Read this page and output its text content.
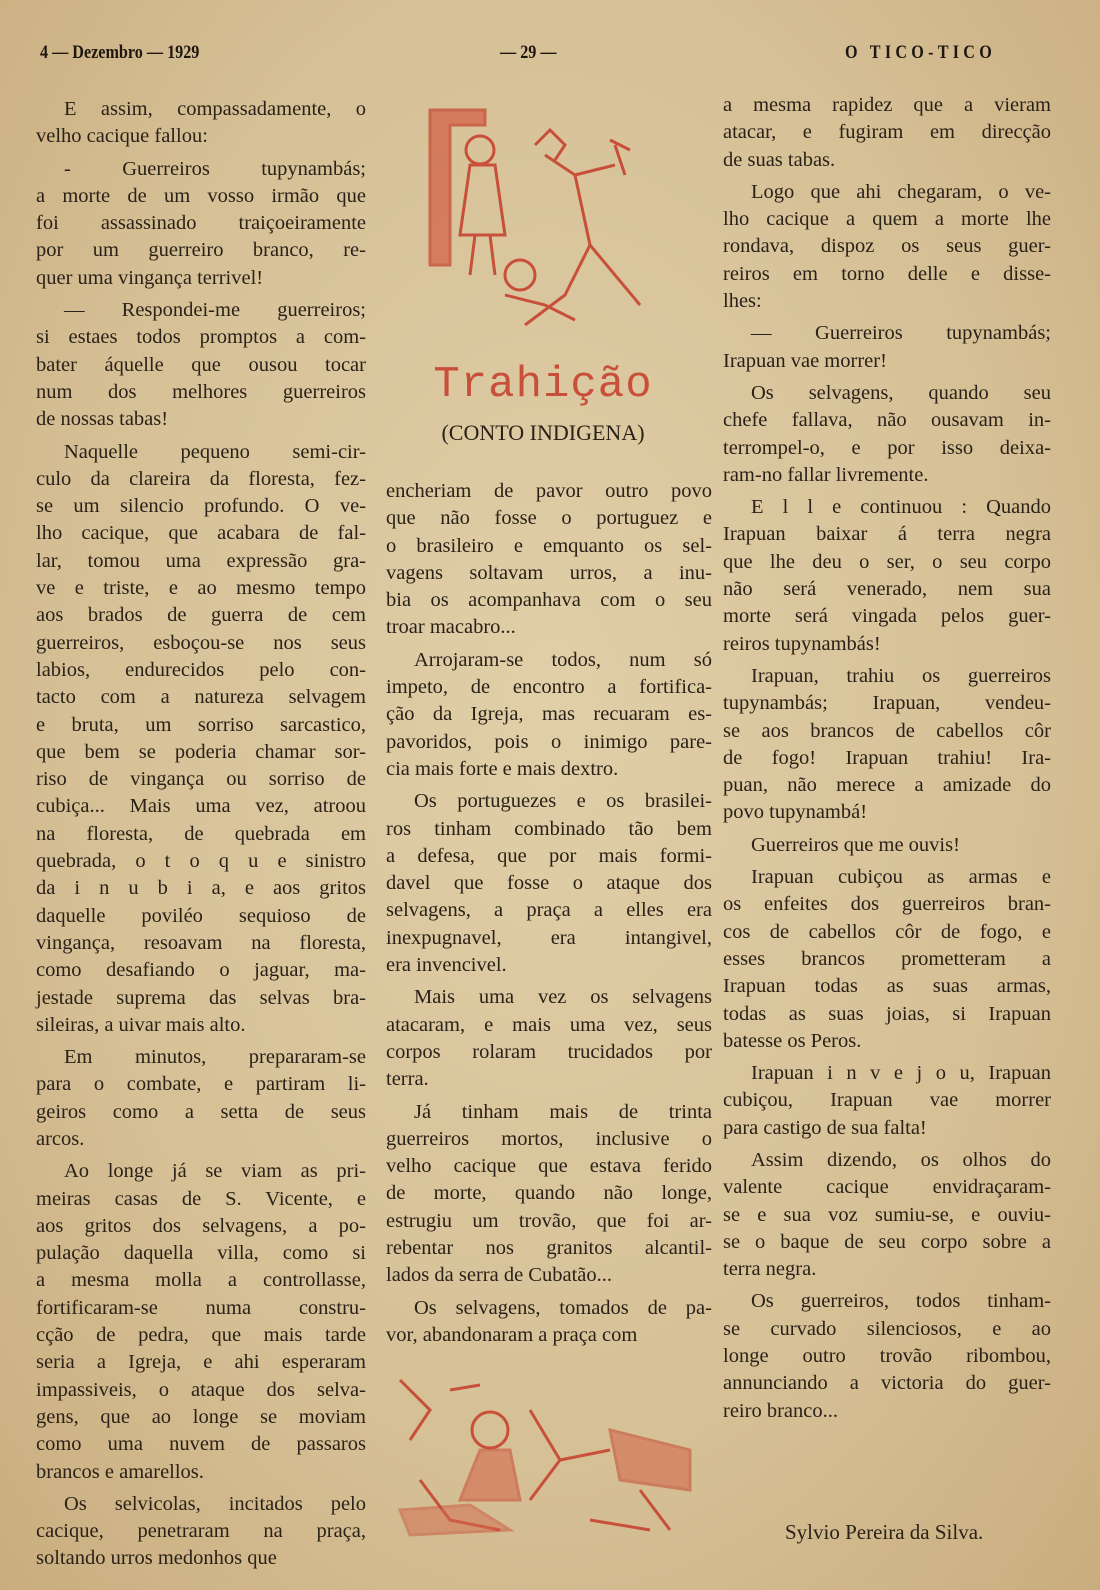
4 — Dezembro — 1929	— 29 —	O TICO-TICO
E assim, compassadamente, o
velho cacique fallou:
- Guerreiros tupynambás;
a morte de um vosso irmão que
foi assassinado traiçoeiramente
por um guerreiro branco, re-
quer uma vingança terrivel!
— Respondei-me guerreiros;
si estaes todos promptos a com-
bater áquelle que ousou tocar
num dos melhores guerreiros
de nossas tabas!
Naquelle pequeno semi-cir-
culo da clareira da floresta, fez-
se um silencio profundo. O ve-
lho cacique, que acabara de fal-
lar, tomou uma expressão gra-
ve e triste, e ao mesmo tempo
aos brados de guerra de cem
guerreiros, esboçou-se nos seus
labios, endurecidos pelo con-
tacto com a natureza selvagem
e bruta, um sorriso sarcastico,
que bem se poderia chamar sor-
riso de vingança ou sorriso de
cubiça... Mais uma vez, atroou
na floresta, de quebrada em
quebrada, o t o q u e sinistro
da i n u b i a, e aos gritos
daquelle poviléo sequioso de
vingança, resoavam na floresta,
como desafiando o jaguar, ma-
jestade suprema das selvas bra-
sileiras, a uivar mais alto.
Em minutos, prepararam-se
para o combate, e partiram li-
geiros como a setta de seus
arcos.
Ao longe já se viam as pri-
meiras casas de S. Vicente, e
aos gritos dos selvagens, a po-
pulação daquella villa, como si
a mesma molla a controllasse,
fortificaram-se numa constru-
cção de pedra, que mais tarde
seria a Igreja, e ahi esperaram
impassiveis, o ataque dos selva-
gens, que ao longe se moviam
como uma nuvem de passaros
brancos e amarellos.
Os selvicolas, incitados pelo
cacique, penetraram na praça,
soltando urros medonhos que
encheriam de pavor outro povo
que não fosse o portuguez e
o brasileiro e emquanto os sel-
vagens soltavam urros, a inu-
bia os acompanhava com o seu
troar macabro...
Arrojaram-se todos, num só
impeto, de encontro a fortifica-
ção da Igreja, mas recuaram es-
pavoridos, pois o inimigo pare-
cia mais forte e mais dextro.
Os portuguezes e os brasilei-
ros tinham combinado tão bem
a defesa, que por mais formi-
davel que fosse o ataque dos
selvagens, a praça a elles era
inexpugnavel, era intangivel,
era invencivel.
Mais uma vez os selvagens
atacaram, e mais uma vez, seus
corpos rolaram trucidados por
terra.
Já tinham mais de trinta
guerreiros mortos, inclusive o
velho cacique que estava ferido
de morte, quando não longe,
estrugiu um trovão, que foi ar-
rebentar nos granitos alcantil-
lados da serra de Cubatão...
Os selvagens, tomados de pa-
vor, abandonaram a praça com
a mesma rapidez que a vieram
atacar, e fugiram em direcção
de suas tabas.
Logo que ahi chegaram, o ve-
lho cacique a quem a morte lhe
rondava, dispoz os seus guer-
reiros em torno delle e disse-
lhes:
— Guerreiros tupynambás;
Irapuan vae morrer!
Os selvagens, quando seu
chefe fallava, não ousavam in-
terrompel-o, e por isso deixa-
ram-no fallar livremente.
E l l e continuou : Quando
Irapuan baixar á terra negra
que lhe deu o ser, o seu corpo
não será venerado, nem sua
morte será vingada pelos guer-
reiros tupynambás!
Irapuan, trahiu os guerreiros
tupynambás; Irapuan, vendeu-
se aos brancos de cabellos côr
de fogo! Irapuan trahiu! Ira-
puan, não merece a amizade do
povo tupynambá!
Guerreiros que me ouvis!
Irapuan cubiçou as armas e
os enfeites dos guerreiros bran-
cos de cabellos côr de fogo, e
esses brancos prometteram a
Irapuan todas as suas armas,
todas as suas joias, si Irapuan
batesse os Peros.
Irapuan i n v e j o u, Irapuan
cubiçou, Irapuan vae morrer
para castigo de sua falta!
Assim dizendo, os olhos do
valente cacique envidraçaram-
se e sua voz sumiu-se, e ouviu-
se o baque de seu corpo sobre a
terra negra.
Os guerreiros, todos tinham-
se curvado silenciosos, e ao
longe outro trovão ribombou,
annunciando a victoria do guer-
reiro branco...
Trahição
(CONTO INDIGENA)
Sylvio Pereira da Silva.
